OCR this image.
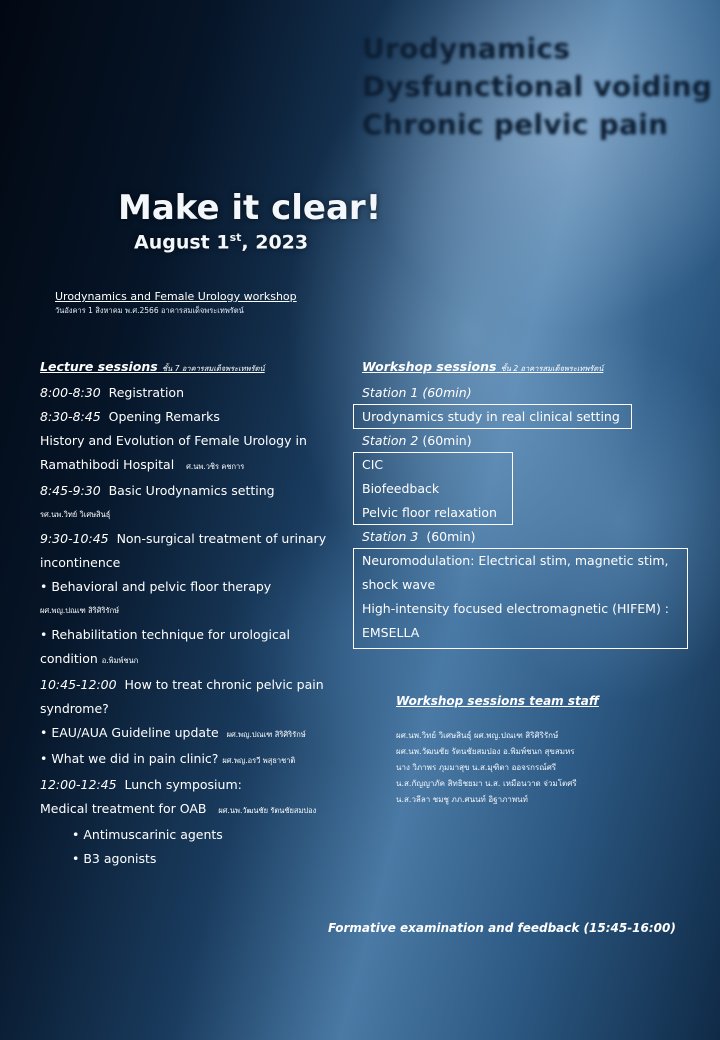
Urodynamics
Dysfunctional voiding
Chronic pelvic pain
Make it clear!
August 1st, 2023
Urodynamics and Female Urology workshop
วันอังคาร 1 สิงหาคม พ.ศ.2566 อาคารสมเด็จพระเทพรัตน์
Lecture sessions ชั้น 7 อาคารสมเด็จพระเทพรัตน์
8:00-8:30 Registration
8:30-8:45 Opening Remarks
History and Evolution of Female Urology in
Ramathibodi Hospital ศ.นพ.วชิร คชการ
8:45-9:30 Basic Urodynamics setting
รศ.นพ.วิทย์ วิเศษสินธุ์
9:30-10:45 Non-surgical treatment of urinary
incontinence
• Behavioral and pelvic floor therapy
ผศ.พญ.ปณเฑ สิริศิริรักษ์
• Rehabilitation technique for urological
condition อ.พิมพ์ชนก
10:45-12:00 How to treat chronic pelvic pain
syndrome?
• EAU/AUA Guideline update ผศ.พญ.ปณเฑ สิริศิริรักษ์
• What we did in pain clinic? ผศ.พญ.อรวี พสุธาชาติ
12:00-12:45 Lunch symposium:
Medical treatment for OAB ผศ.นพ.วัฒนชัย รัตนชัยสมปอง
• Antimuscarinic agents
• B3 agonists
Workshop sessions ชั้น 2 อาคารสมเด็จพระเทพรัตน์
Station 1 (60min)
Urodynamics study in real clinical setting
Station 2 (60min)
CIC
Biofeedback
Pelvic floor relaxation
Station 3 (60min)
Neuromodulation: Electrical stim, magnetic stim,
shock wave
High-intensity focused electromagnetic (HIFEM) :
EMSELLA
Workshop sessions team staff
ผศ.นพ.วิทย์ วิเศษสินธุ์ ผศ.พญ.ปณเฑ สิริศิริรักษ์
ผศ.นพ.วัฒนชัย รัตนชัยสมปอง อ.พิมพ์ชนก สุขสมหร
นาง วิภาพร ภุมมาสุข น.ส.มุฑิตา ออจรกรณ์ศรี
น.ส.กัญญาภัค สิทธิชยมา น.ส. เหมือนวาด จ่วมโตศรี
น.ส.วลีลา ชมชู ภภ.ศนนท์ อิฐาภาพนท์
Formative examination and feedback (15:45-16:00)
